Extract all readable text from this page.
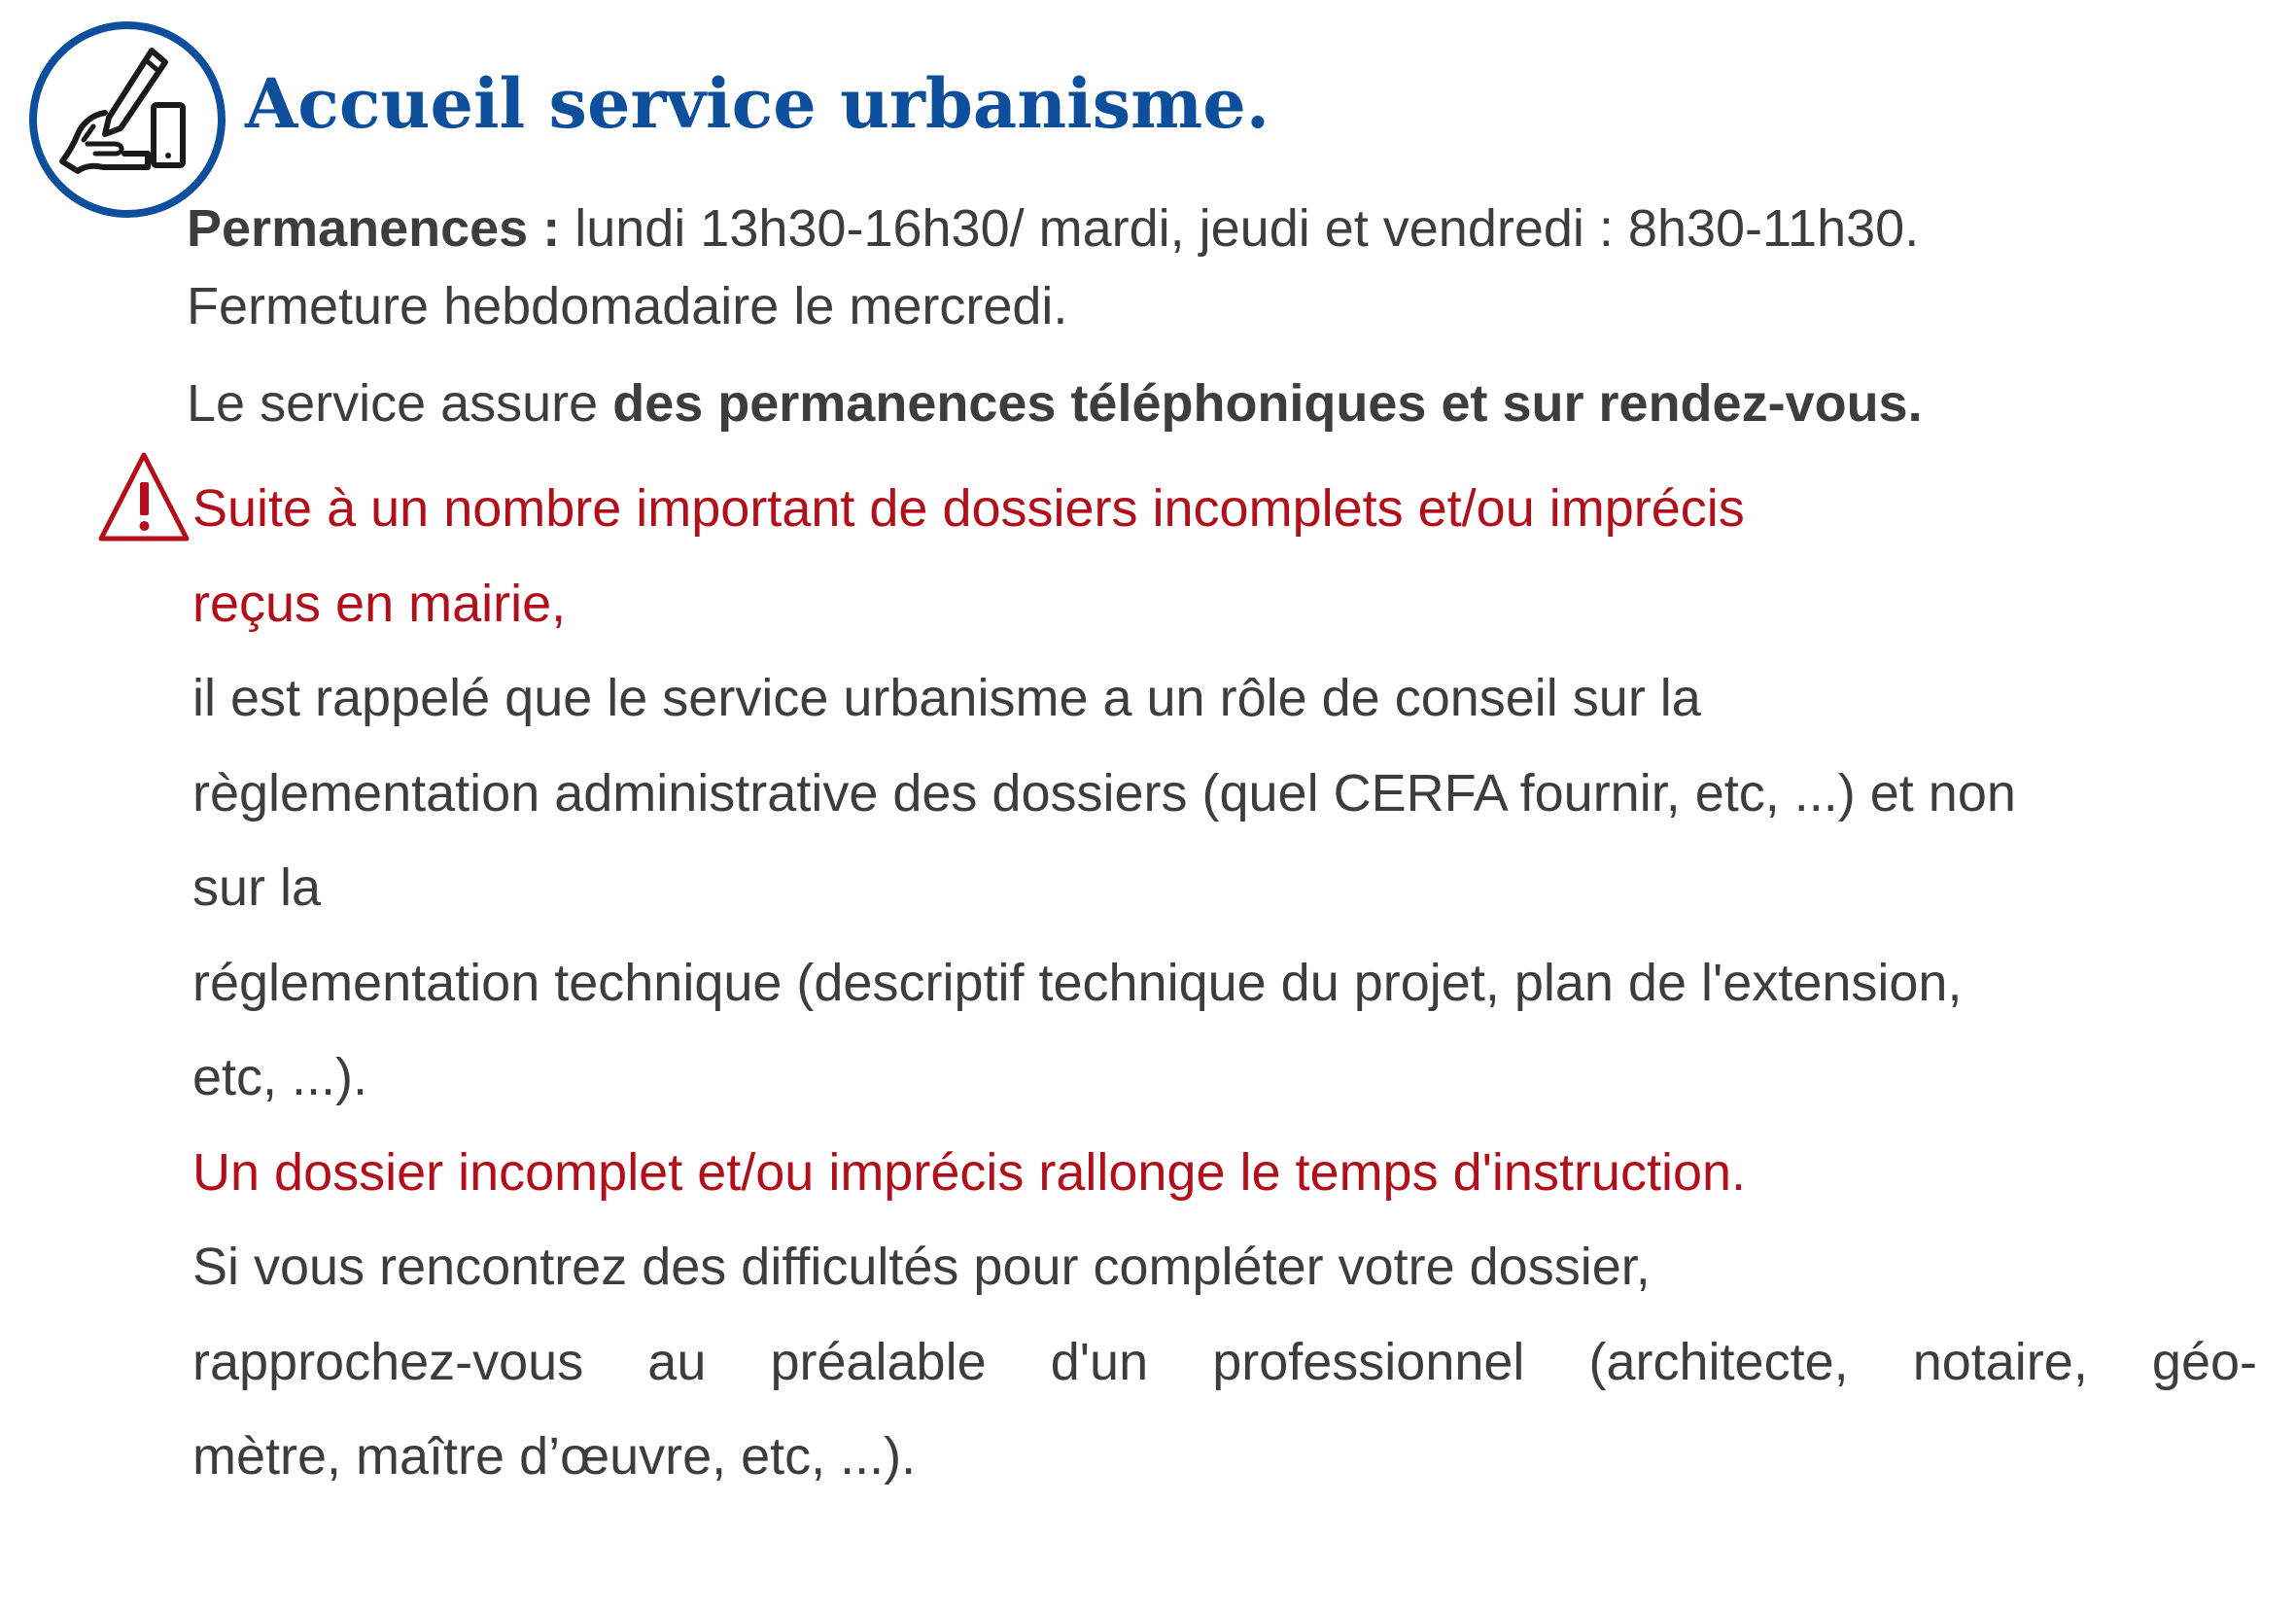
Accueil service urbanisme.
Permanences : lundi 13h30-16h30/ mardi, jeudi et vendredi : 8h30-11h30.
Fermeture hebdomadaire le mercredi.
Le service assure des permanences téléphoniques et sur rendez-vous.
Suite à un nombre important de dossiers incomplets et/ou imprécis
reçus en mairie,
il est rappelé que le service urbanisme a un rôle de conseil sur la
règlementation administrative des dossiers (quel CERFA fournir, etc, ...) et non
sur la
réglementation technique (descriptif technique du projet, plan de l'extension,
etc, ...).
Un dossier incomplet et/ou imprécis rallonge le temps d'instruction.
Si vous rencontrez des difficultés pour compléter votre dossier,
rapprochez-vous au préalable d'un professionnel (architecte, notaire, géo-
mètre, maître d’œuvre, etc, ...).
